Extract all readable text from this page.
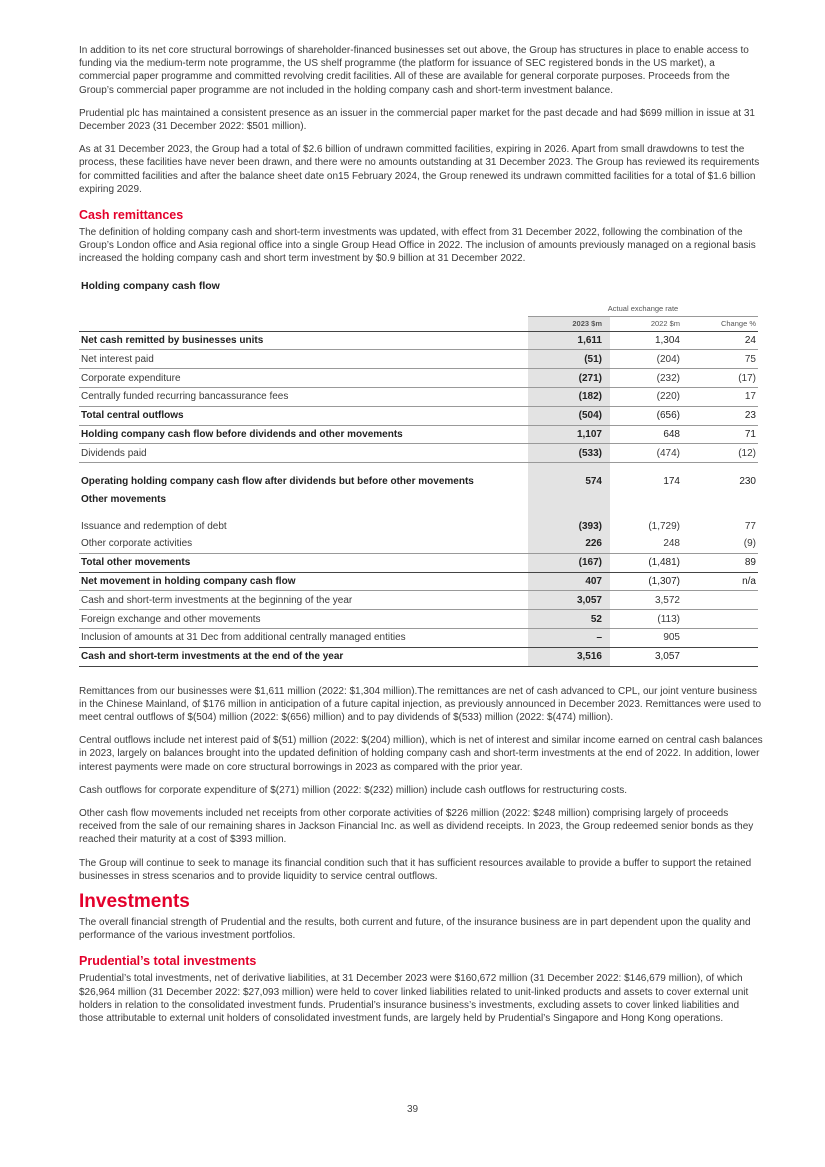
In addition to its net core structural borrowings of shareholder-financed businesses set out above, the Group has structures in place to enable access to funding via the medium-term note programme, the US shelf programme (the platform for issuance of SEC registered bonds in the US market), a commercial paper programme and committed revolving credit facilities. All of these are available for general corporate purposes. Proceeds from the Group’s commercial paper programme are not included in the holding company cash and short-term investment balance.

Prudential plc has maintained a consistent presence as an issuer in the commercial paper market for the past decade and had $699 million in issue at 31 December 2023 (31 December 2022: $501 million).

As at 31 December 2023, the Group had a total of $2.6 billion of undrawn committed facilities, expiring in 2026. Apart from small drawdowns to test the process, these facilities have never been drawn, and there were no amounts outstanding at 31 December 2023. The Group has reviewed its requirements for committed facilities and after the balance sheet date on15 February 2024, the Group renewed its undrawn committed facilities for a total of $1.6 billion expiring 2029.

Cash remittances

The definition of holding company cash and short-term investments was updated, with effect from 31 December 2022, following the combination of the Group’s London office and Asia regional office into a single Group Head Office in 2022. The inclusion of amounts previously managed on a regional basis increased the holding company cash and short term investment by $0.9 billion at 31 December 2022.

Holding company cash flow
	Actual exchange rate		
	2023 $m	2022 $m	Change %
Net cash remitted by businesses units	1,611	1,304	24
Net interest paid	(51)	(204)	75
Corporate expenditure	(271)	(232)	(17)
Centrally funded recurring bancassurance fees	(182)	(220)	17
Total central outflows	(504)	(656)	23
Holding company cash flow before dividends and other movements	1,107	648	71
Dividends paid	(533)	(474)	(12)
Operating holding company cash flow after dividends but before other movements	574	174	230
Other movements			
Issuance and redemption of debt	(393)	(1,729)	77
Other corporate activities	226	248	(9)
Total other movements	(167)	(1,481)	89
Net movement in holding company cash flow	407	(1,307)	n/a
Cash and short-term investments at the beginning of the year	3,057	3,572	
Foreign exchange and other movements	52	(113)	
Inclusion of amounts at 31 Dec from additional centrally managed entities	–	905	
Cash and short-term investments at the end of the year	3,516	3,057	

Remittances from our businesses were $1,611 million (2022: $1,304 million).The remittances are net of cash advanced to CPL, our joint venture business in the Chinese Mainland, of $176 million in anticipation of a future capital injection, as previously announced in December 2023. Remittances were used to meet central outflows of $(504) million (2022: $(656) million) and to pay dividends of $(533) million (2022: $(474) million).

Central outflows include net interest paid of $(51) million (2022: $(204) million), which is net of interest and similar income earned on central cash balances in 2023, largely on balances brought into the updated definition of holding company cash and short-term investments at the end of 2022. In addition, lower interest payments were made on core structural borrowings in 2023 as compared with the prior year.

Cash outflows for corporate expenditure of $(271) million (2022: $(232) million) include cash outflows for restructuring costs.

Other cash flow movements included net receipts from other corporate activities of $226 million (2022: $248 million) comprising largely of proceeds received from the sale of our remaining shares in Jackson Financial Inc. as well as dividend receipts. In 2023, the Group redeemed senior bonds as they reached their maturity at a cost of $393 million.

The Group will continue to seek to manage its financial condition such that it has sufficient resources available to provide a buffer to support the retained businesses in stress scenarios and to provide liquidity to service central outflows.

Investments

The overall financial strength of Prudential and the results, both current and future, of the insurance business are in part dependent upon the quality and performance of the various investment portfolios.

Prudential’s total investments

Prudential’s total investments, net of derivative liabilities, at 31 December 2023 were $160,672 million (31 December 2022: $146,679 million), of which $26,964 million (31 December 2022: $27,093 million) were held to cover linked liabilities related to unit-linked products and assets to cover external unit holders in relation to the consolidated investment funds. Prudential’s insurance business’s investments, excluding assets to cover linked liabilities and those attributable to external unit holders of consolidated investment funds, are largely held by Prudential’s Singapore and Hong Kong operations.

39
